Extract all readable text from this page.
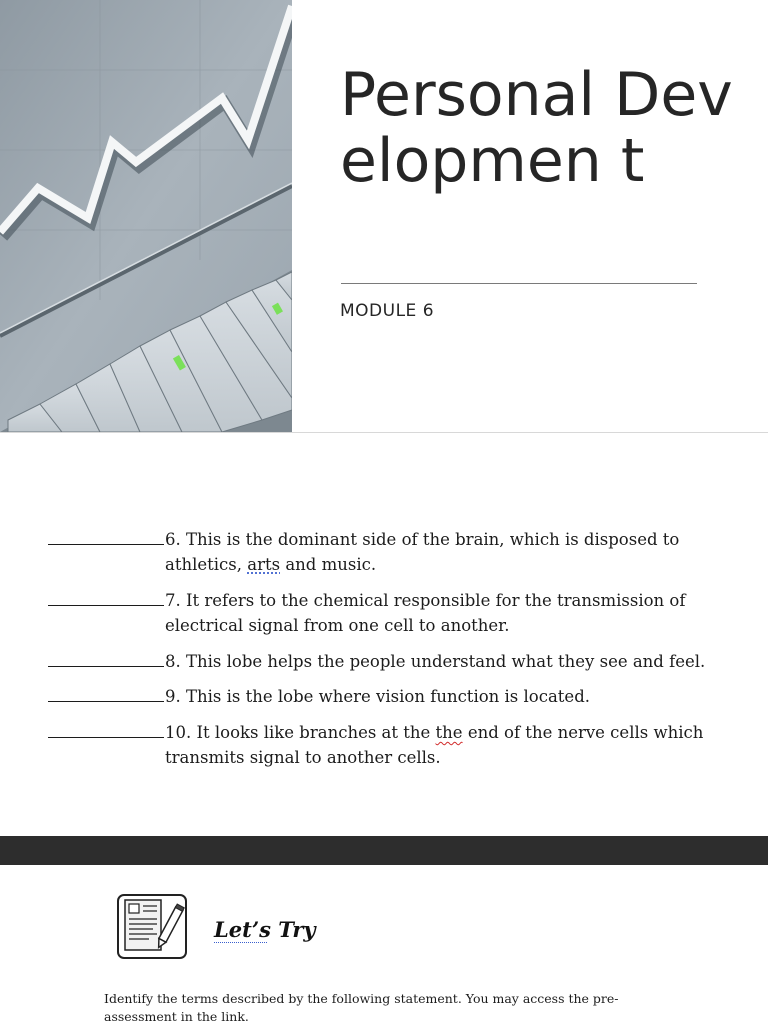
Personal Developmen t
MODULE 6
6. This is the dominant side of the brain, which is disposed to
athletics, arts and music.
7. It refers to the chemical responsible for the transmission of
electrical signal from one cell to another.
8. This lobe helps the people understand what they see and feel.
9. This is the lobe where vision function is located.
10. It looks like branches at the the end of the nerve cells which
transmits signal to another cells.
Let’s Try
Identify the terms described by the following statement. You may access the pre-assessment in the link.
